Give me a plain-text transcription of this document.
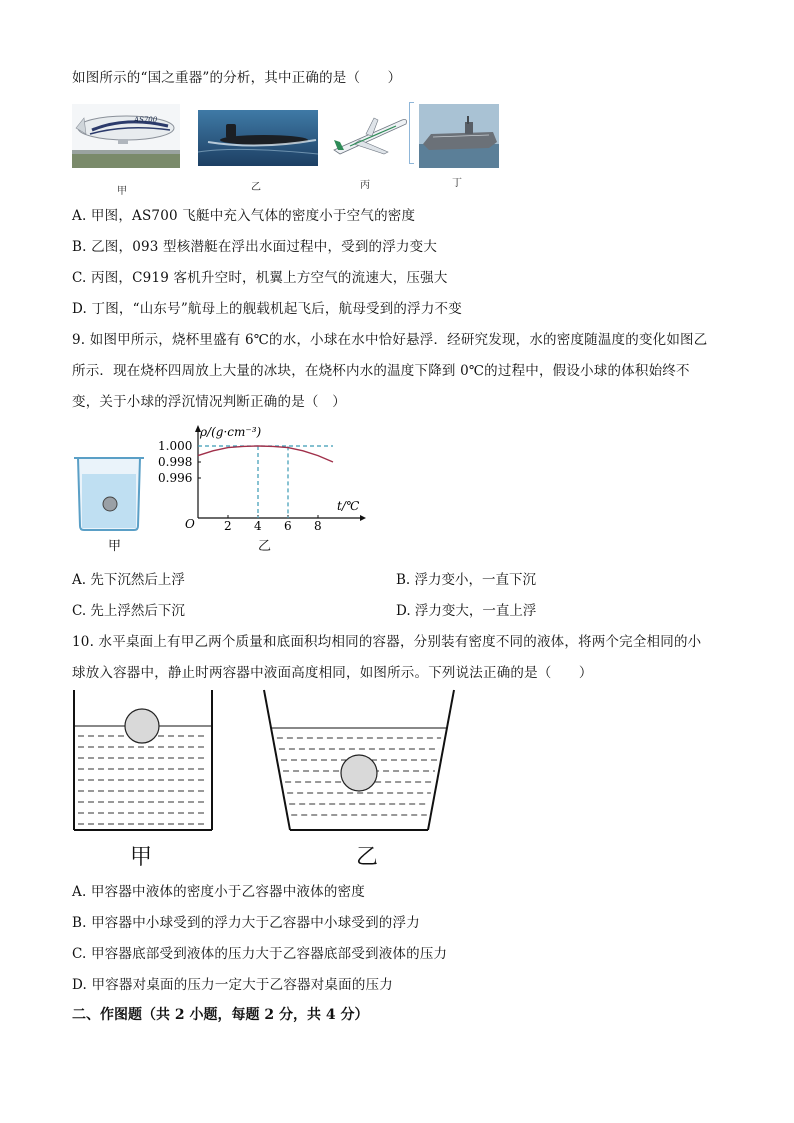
如图所示的“国之重器”的分析，其中正确的是（　　）
AS700
甲	乙	丙	丁
A. 甲图，AS700 飞艇中充入气体的密度小于空气的密度
B. 乙图，093 型核潜艇在浮出水面过程中，受到的浮力变大
C. 丙图，C919 客机升空时，机翼上方空气的流速大，压强大
D. 丁图，“山东号”航母上的舰载机起飞后，航母受到的浮力不变
9. 如图甲所示，烧杯里盛有 6℃的水，小球在水中恰好悬浮．经研究发现，水的密度随温度的变化如图乙
所示．现在烧杯四周放上大量的冰块，在烧杯内水的温度下降到 0℃的过程中，假设小球的体积始终不
变，关于小球的浮沉情况判断正确的是（　）
甲
ρ/(g·cm⁻³)
t/℃
O 2 4 6 8
1.000
0.998
0.996
乙
A. 先下沉然后上浮	B. 浮力变小，一直下沉
C. 先上浮然后下沉	D. 浮力变大，一直上浮
10. 水平桌面上有甲乙两个质量和底面积均相同的容器，分别装有密度不同的液体，将两个完全相同的小
球放入容器中，静止时两容器中液面高度相同，如图所示。下列说法正确的是（　　）
甲	乙
A. 甲容器中液体的密度小于乙容器中液体的密度
B. 甲容器中小球受到的浮力大于乙容器中小球受到的浮力
C. 甲容器底部受到液体的压力大于乙容器底部受到液体的压力
D. 甲容器对桌面的压力一定大于乙容器对桌面的压力
二、作图题（共 2 小题，每题 2 分，共 4 分）
